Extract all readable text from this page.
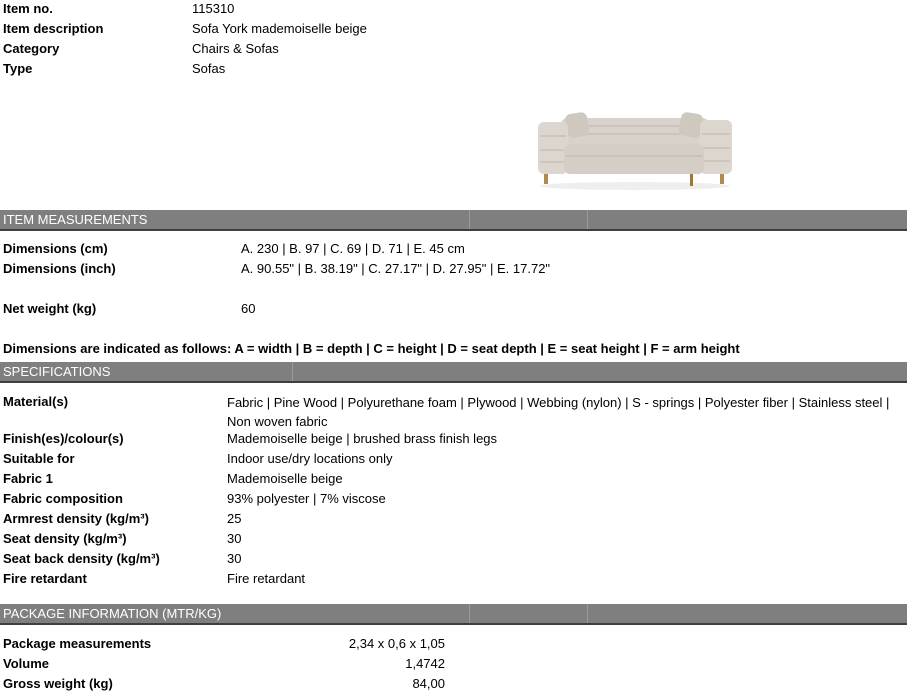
Item no.	115310
Item description	Sofa York mademoiselle beige
Category	Chairs & Sofas
Type	Sofas
ITEM MEASUREMENTS
Dimensions (cm)	A. 230 | B. 97 | C. 69 | D. 71 | E. 45 cm
Dimensions (inch)	A. 90.55" | B. 38.19" | C. 27.17" | D. 27.95" | E. 17.72"
Net weight (kg)	60
Dimensions are indicated as follows: A = width | B = depth | C = height | D = seat depth | E = seat height | F = arm height
SPECIFICATIONS
Material(s)	Fabric | Pine Wood | Polyurethane foam | Plywood | Webbing (nylon) | S - springs | Polyester fiber | Stainless steel | Non woven fabric
Finish(es)/colour(s)	Mademoiselle beige | brushed brass finish legs
Suitable for	Indoor use/dry locations only
Fabric 1	Mademoiselle beige
Fabric composition	93% polyester | 7% viscose
Armrest density (kg/m³)	25
Seat density (kg/m³)	30
Seat back density (kg/m³)	30
Fire retardant	Fire retardant
PACKAGE INFORMATION (MTR/KG)
Package measurements	2,34 x 0,6 x 1,05
Volume	1,4742
Gross weight (kg)	84,00
